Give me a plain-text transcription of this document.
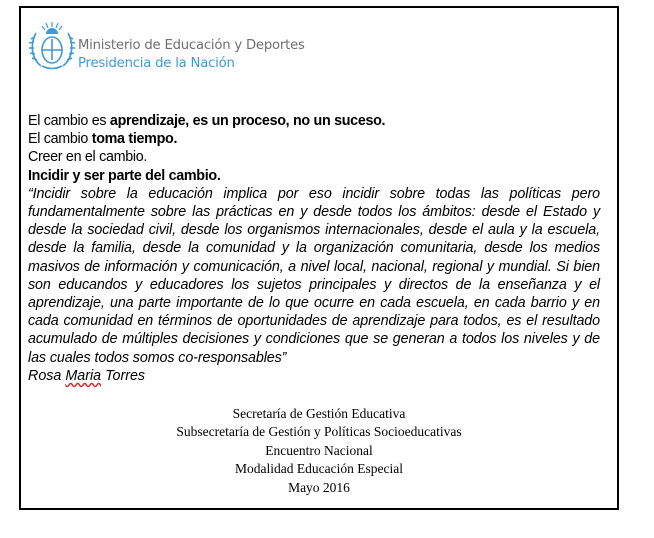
Ministerio de Educación y Deportes
Presidencia de la Nación
El cambio es aprendizaje, es un proceso, no un suceso.
El cambio toma tiempo.
Creer en el cambio.
Incidir y ser parte del cambio.
“Incidir sobre la educación implica por eso incidir sobre todas las políticas pero fundamentalmente sobre las prácticas en y desde todos los ámbitos: desde el Estado y desde la sociedad civil, desde los organismos internacionales, desde el aula y la escuela, desde la familia, desde la comunidad y la organización comunitaria, desde los medios masivos de información y comunicación, a nivel local, nacional, regional y mundial. Si bien son educandos y educadores los sujetos principales y directos de la enseñanza y el aprendizaje, una parte importante de lo que ocurre en cada escuela, en cada barrio y en cada comunidad en términos de oportunidades de aprendizaje para todos, es el resultado acumulado de múltiples decisiones y condiciones que se generan a todos los niveles y de las cuales todos somos co-responsables”
Rosa Maria Torres
Secretaría de Gestión Educativa
Subsecretaría de Gestión y Políticas Socioeducativas
Encuentro Nacional
Modalidad Educación Especial
Mayo 2016
